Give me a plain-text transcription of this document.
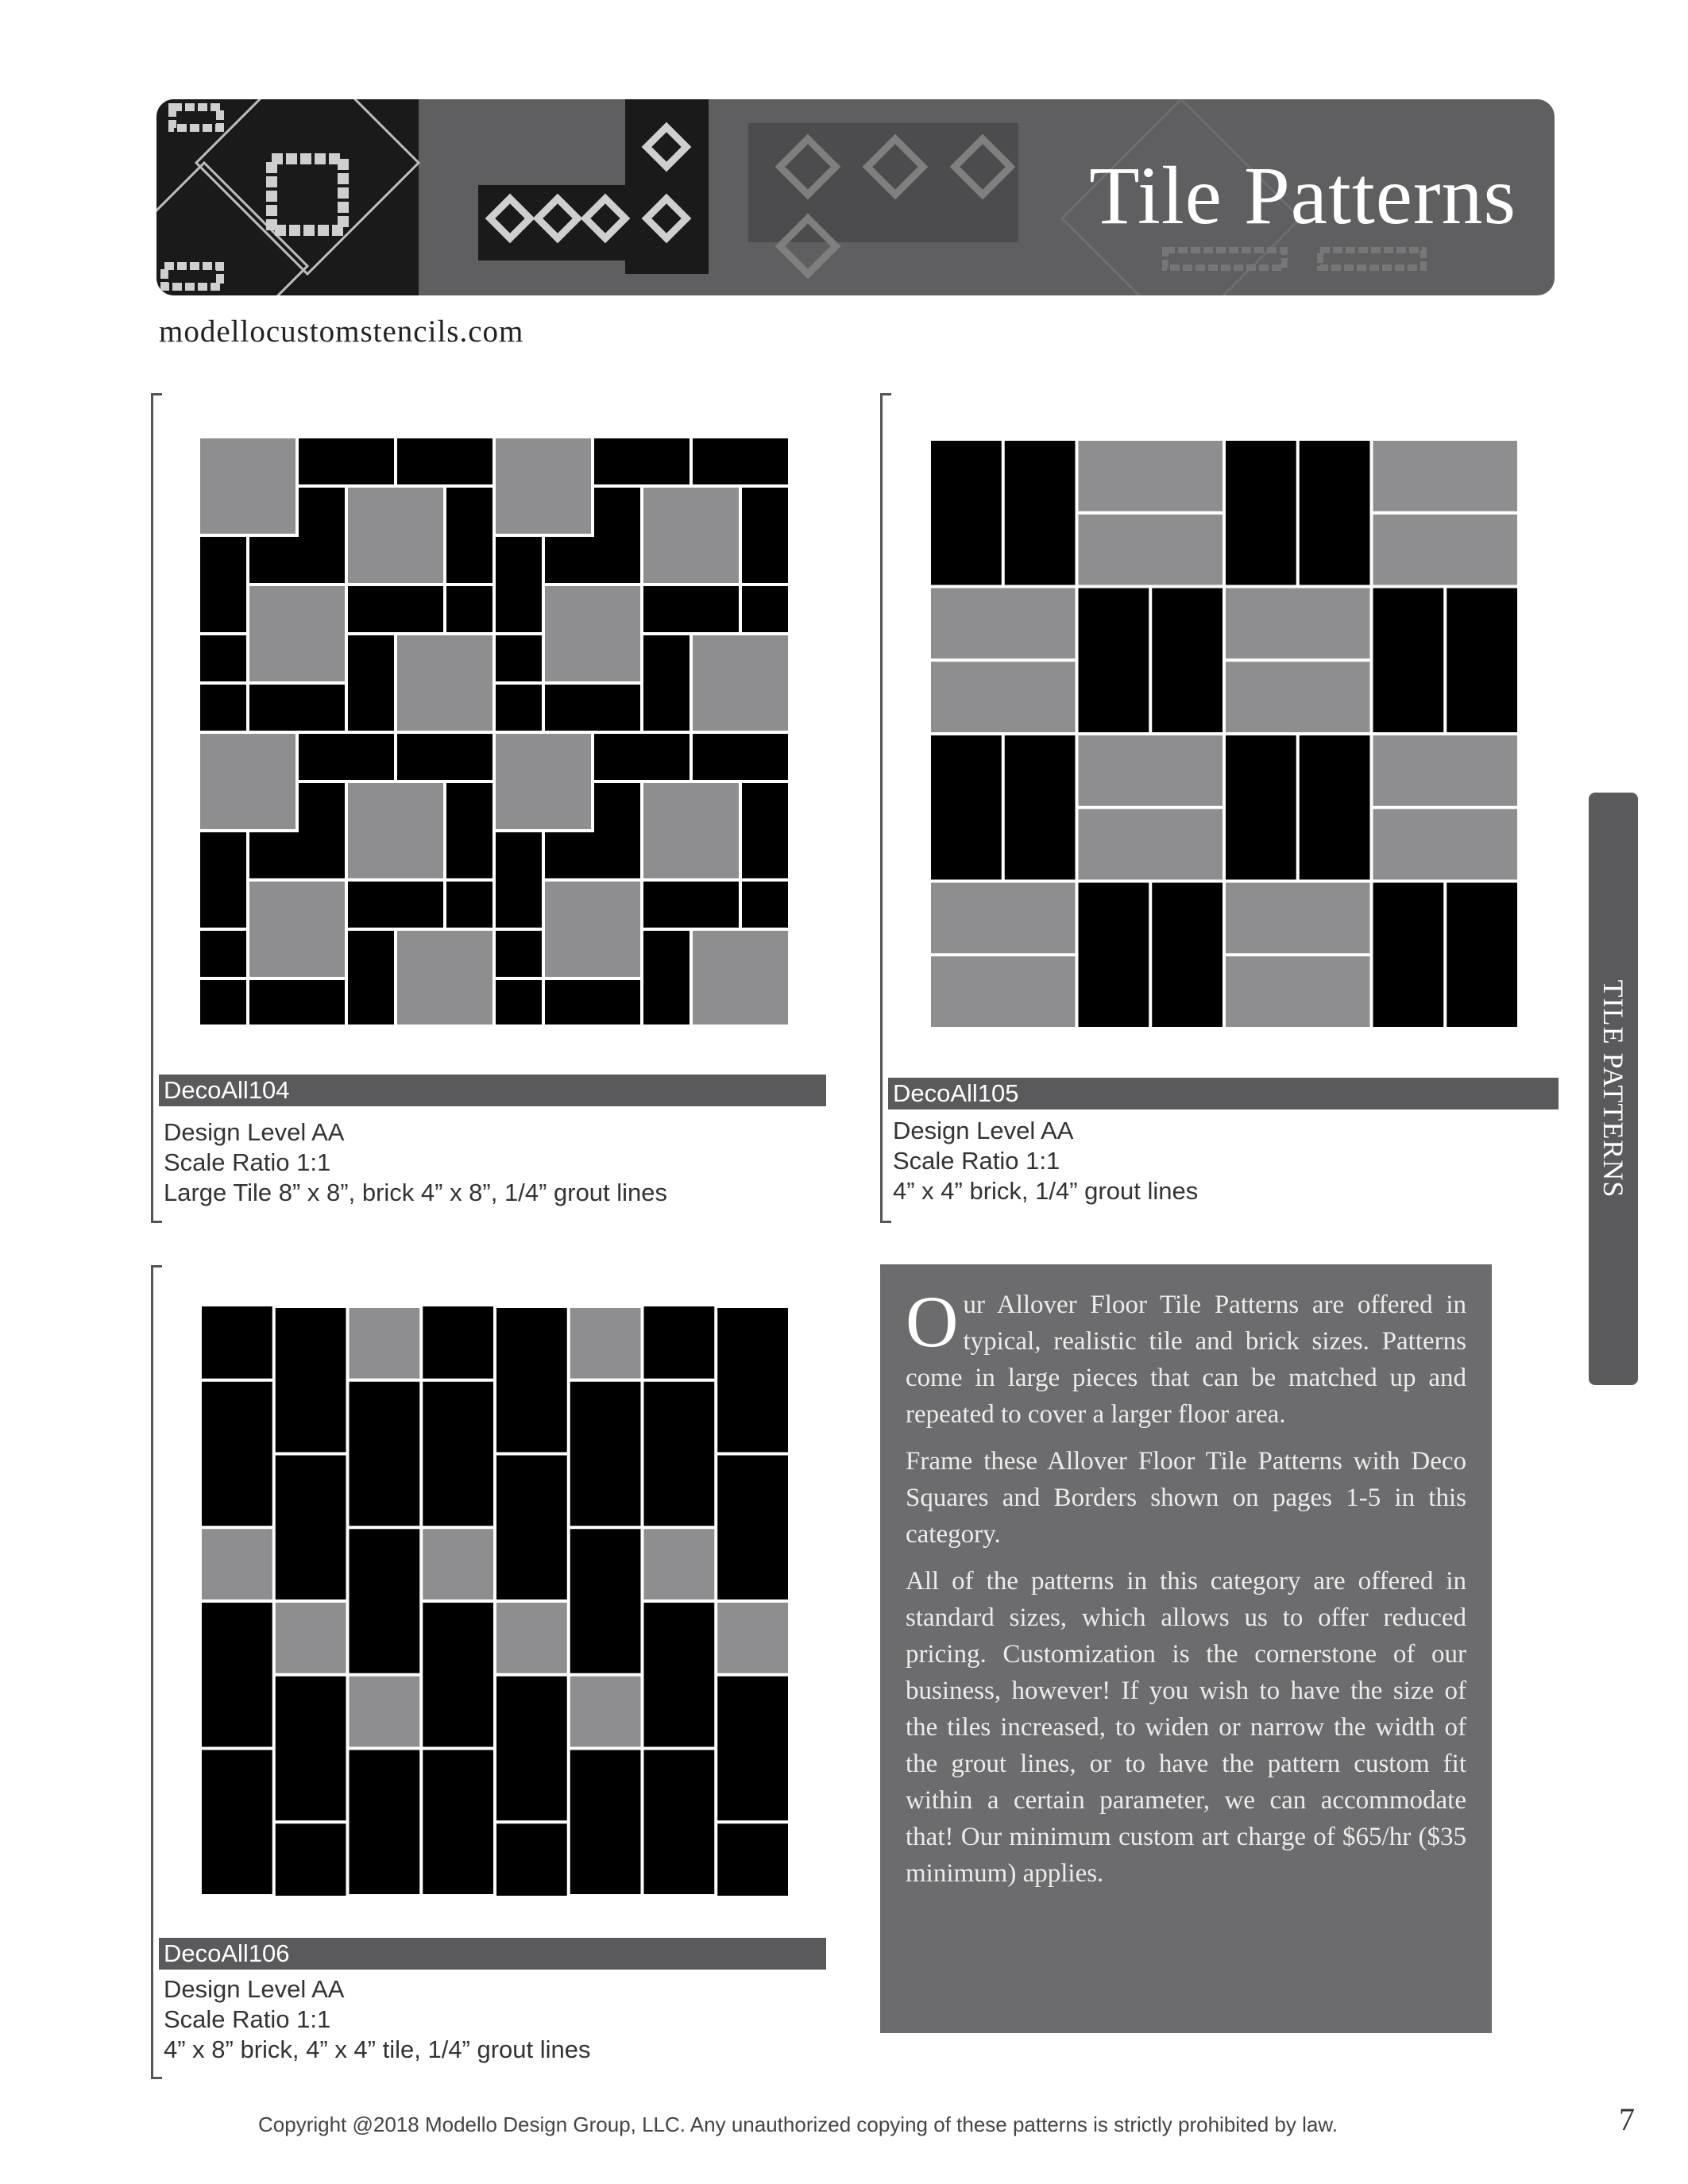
Tile Patterns
modellocustomstencils.com
DecoAll104
Design Level AA
Scale Ratio 1:1
Large Tile 8” x 8”, brick 4” x 8”, 1/4” grout lines
DecoAll105
Design Level AA
Scale Ratio 1:1
4” x 4” brick, 1/4” grout lines
DecoAll106
Design Level AA
Scale Ratio 1:1
4” x 8” brick, 4” x 4” tile, 1/4” grout lines

Our Allover Floor Tile Patterns are offered in typical, realistic tile and brick sizes. Patterns come in large pieces that can be matched up and repeated to cover a larger floor area.

Frame these Allover Floor Tile Patterns with Deco Squares and Borders shown on pages 1-5 in this category.

All of the patterns in this category are offered in standard sizes, which allows us to offer reduced pricing. Customization is the cornerstone of our business, however! If you wish to have the size of the tiles increased, to widen or narrow the width of the grout lines, or to have the pattern custom fit within a certain parameter, we can accommodate that! Our minimum custom art charge of $65/hr ($35 minimum) applies.

TILE PATTERNS
Copyright @2018 Modello Design Group, LLC. Any unauthorized copying of these patterns is strictly prohibited by law.	7
